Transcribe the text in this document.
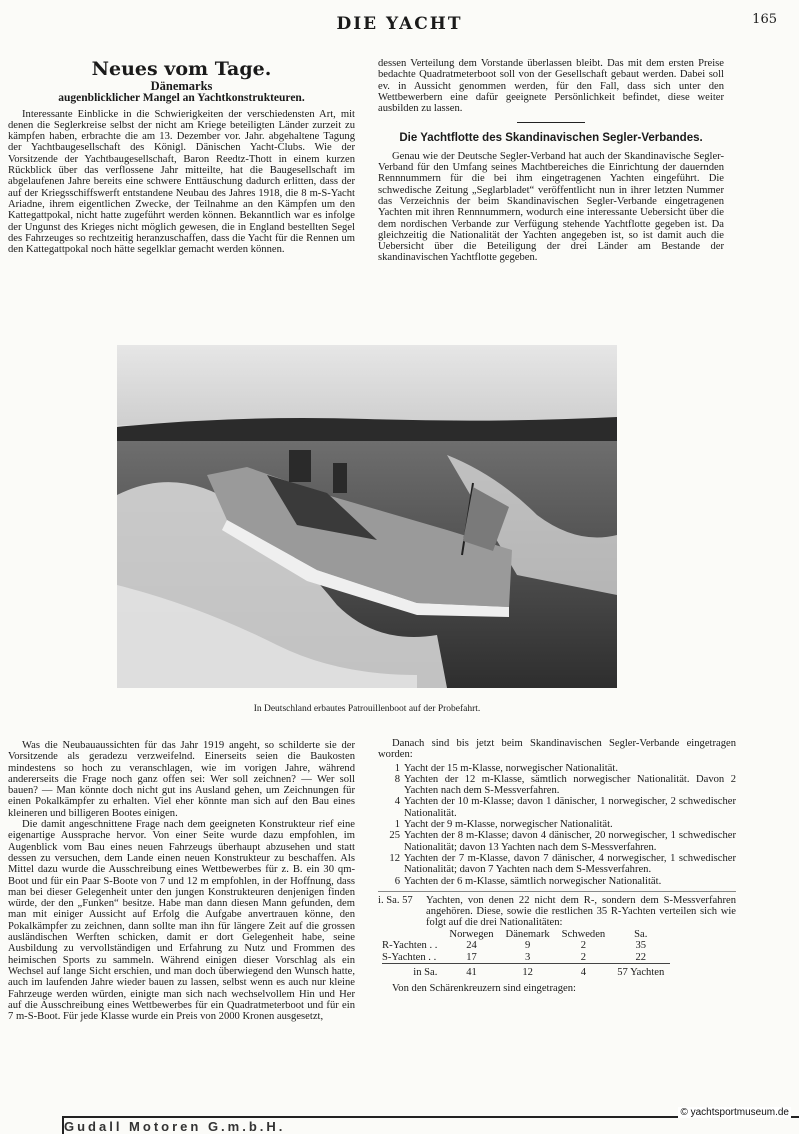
DIE YACHT	165
Neues vom Tage.
Dänemarks
augenblicklicher Mangel an Yachtkonstrukteuren.

Interessante Einblicke in die Schwierigkeiten der verschiedensten Art, mit denen die Seglerkreise selbst der nicht am Kriege beteiligten Länder zurzeit zu kämpfen haben, erbrachte die am 13. Dezember vor. Jahr. abgehaltene Tagung der Yachtbaugesellschaft des Königl. Dänischen Yacht-Clubs. Wie der Vorsitzende der Yachtbaugesellschaft, Baron Reedtz-Thott in einem kurzen Rückblick über das verflossene Jahr mitteilte, hat die Baugesellschaft im abgelaufenen Jahre bereits eine schwere Enttäuschung dadurch erlitten, dass der auf der Kriegsschiffswerft entstandene Neubau des Jahres 1918, die 8 m-S-Yacht Ariadne, ihrem eigentlichen Zwecke, der Teilnahme an den Kämpfen um den Kattegattpokal, nicht hatte zugeführt werden können. Bekanntlich war es infolge der Ungunst des Krieges nicht möglich gewesen, die in England bestellten Segel des Fahrzeuges so rechtzeitig heranzuschaffen, dass die Yacht für die Rennen um den Kattegattpokal noch hätte segelklar gemacht werden können.

dessen Verteilung dem Vorstande überlassen bleibt. Das mit dem ersten Preise bedachte Quadratmeterboot soll von der Gesellschaft gebaut werden. Dabei soll ev. in Aussicht genommen werden, für den Fall, dass sich unter den Wettbewerbern eine dafür geeignete Persönlichkeit befindet, diese weiter ausbilden zu lassen.

Die Yachtflotte des Skandinavischen Segler-Verbandes.

Genau wie der Deutsche Segler-Verband hat auch der Skandinavische Segler-Verband für den Umfang seines Machtbereiches die Einrichtung der dauernden Rennnummern für die bei ihm eingetragenen Yachten eingeführt. Die schwedische Zeitung „Seglarbladet“ veröffentlicht nun in ihrer letzten Nummer das Verzeichnis der beim Skandinavischen Segler-Verbande eingetragenen Yachten mit ihren Rennnummern, wodurch eine interessante Uebersicht über die dem nordischen Verbande zur Verfügung stehende Yachtflotte gegeben ist. Da gleichzeitig die Nationalität der Yachten angegeben ist, so ist damit auch die Uebersicht über die Beteiligung der drei Länder am Bestande der skandinavischen Yachtflotte gegeben.

In Deutschland erbautes Patrouillenboot auf der Probefahrt.

Was die Neubauaussichten für das Jahr 1919 angeht, so schilderte sie der Vorsitzende als geradezu verzweifelnd. Einerseits seien die Baukosten mindestens so hoch zu veranschlagen, wie im vorigen Jahre, während andererseits die Frage noch ganz offen sei: Wer soll zeichnen? — Wer soll bauen? — Man könnte doch nicht gut ins Ausland gehen, um Zeichnungen für einen Pokalkämpfer zu erhalten. Viel eher könnte man sich auf den Bau eines kleineren und billigeren Bootes einigen.

Die damit angeschnittene Frage nach dem geeigneten Konstrukteur rief eine eigenartige Aussprache hervor. Von einer Seite wurde dazu empfohlen, im Augenblick vom Bau eines neuen Fahrzeugs überhaupt abzusehen und statt dessen zu versuchen, dem Lande einen neuen Konstrukteur zu beschaffen. Als Mittel dazu wurde die Ausschreibung eines Wettbewerbes für z. B. ein 30 qm-Boot und für ein Paar S-Boote von 7 und 12 m empfohlen, in der Hoffnung, dass man bei dieser Gelegenheit unter den jungen Konstrukteuren denjenigen finden würde, der den „Funken“ besitze. Habe man dann diesen Mann gefunden, dem man mit einiger Aussicht auf Erfolg die Aufgabe anvertrauen könne, den Pokalkämpfer zu zeichnen, dann sollte man ihn für längere Zeit auf die grossen ausländischen Werften schicken, damit er dort Gelegenheit habe, seine Ausbildung zu vervollständigen und Erfahrung zu Nutz und Frommen des heimischen Sports zu sammeln. Während einigen dieser Vorschlag als ein Wechsel auf lange Sicht erschien, und man doch überwiegend den Wunsch hatte, auch im laufenden Jahre wieder bauen zu lassen, selbst wenn es auch nur kleine Fahrzeuge werden würden, einigte man sich nach wechselvollem Hin und Her auf die Ausschreibung eines Wettbewerbes für ein Quadratmeterboot und für ein 7 m-S-Boot. Für jede Klasse wurde ein Preis von 2000 Kronen ausgesetzt,

Danach sind bis jetzt beim Skandinavischen Segler-Verbande eingetragen worden:

1 Yacht der 15 m-Klasse, norwegischer Nationalität.
8 Yachten der 12 m-Klasse, sämtlich norwegischer Nationalität. Davon 2 Yachten nach dem S-Messverfahren.
4 Yachten der 10 m-Klasse; davon 1 dänischer, 1 norwegischer, 2 schwedischer Nationalität.
1 Yacht der 9 m-Klasse, norwegischer Nationalität.
25 Yachten der 8 m-Klasse; davon 4 dänischer, 20 norwegischer, 1 schwedischer Nationalität; davon 13 Yachten nach dem S-Messverfahren.
12 Yachten der 7 m-Klasse, davon 7 dänischer, 4 norwegischer, 1 schwedischer Nationalität; davon 7 Yachten nach dem S-Messverfahren.
6 Yachten der 6 m-Klasse, sämtlich norwegischer Nationalität.
i. Sa. 57	Yachten, von denen 22 nicht dem R-, sondern dem S-Messverfahren angehören. Diese, sowie die restlichen 35 R-Yachten verteilen sich wie folgt auf die drei Nationalitäten:
	Norwegen	Dänemark	Schweden	Sa.
R-Yachten . .	24	9	2	35
S-Yachten . .	17	3	2	22
in Sa.	41	12	4	57 Yachten

Von den Schärenkreuzern sind eingetragen:

Gudall Motoren G.m.b.H.
© yachtsportmuseum.de
